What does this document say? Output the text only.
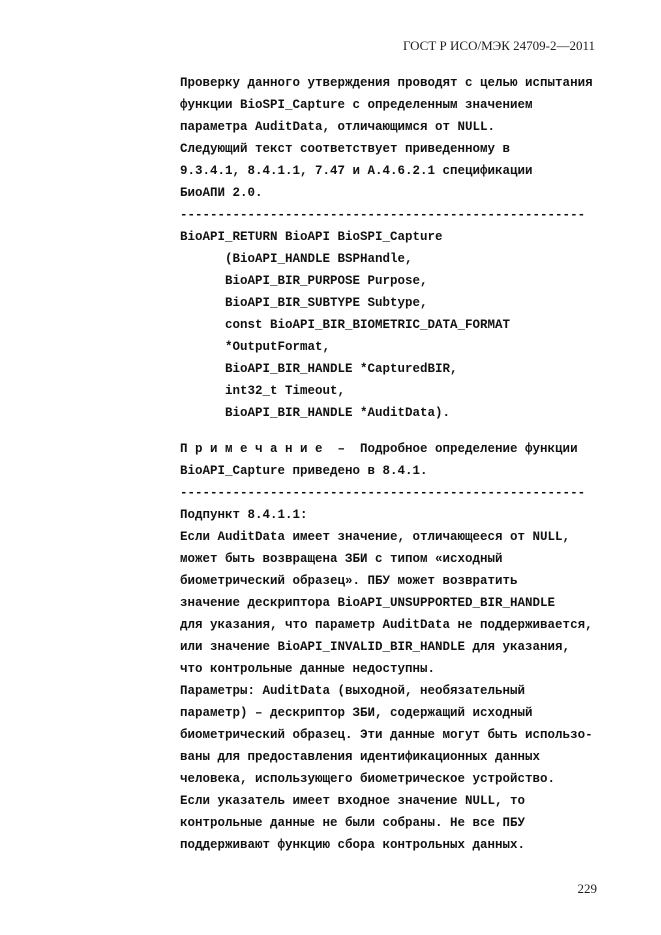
ГОСТ Р ИСО/МЭК 24709-2—2011
Проверку данного утверждения проводят с целью испытания
функции BioSPI_Capture с определенным значением
параметра AuditData, отличающимся от NULL.
Следующий текст соответствует приведенному в
9.3.4.1, 8.4.1.1, 7.47 и A.4.6.2.1 спецификации
БиоАПИ 2.0.
------------------------------------------------------
BioAPI_RETURN BioAPI BioSPI_Capture
(BioAPI_HANDLE BSPHandle,
BioAPI_BIR_PURPOSE Purpose,
BioAPI_BIR_SUBTYPE Subtype,
const BioAPI_BIR_BIOMETRIC_DATA_FORMAT
*OutputFormat,
BioAPI_BIR_HANDLE *CapturedBIR,
int32_t Timeout,
BioAPI_BIR_HANDLE *AuditData).
П р и м е ч а н и е  –  Подробное определение функции
BioAPI_Capture приведено в 8.4.1.
------------------------------------------------------
Подпункт 8.4.1.1:
Если AuditData имеет значение, отличающееся от NULL,
может быть возвращена ЗБИ с типом «исходный
биометрический образец». ПБУ может возвратить
значение дескриптора BioAPI_UNSUPPORTED_BIR_HANDLE
для указания, что параметр AuditData не поддерживается,
или значение BioAPI_INVALID_BIR_HANDLE для указания,
что контрольные данные недоступны.
Параметры: AuditData (выходной, необязательный
параметр) – дескриптор ЗБИ, содержащий исходный
биометрический образец. Эти данные могут быть использо-
ваны для предоставления идентификационных данных
человека, использующего биометрическое устройство.
Если указатель имеет входное значение NULL, то
контрольные данные не были собраны. Не все ПБУ
поддерживают функцию сбора контрольных данных.
229
